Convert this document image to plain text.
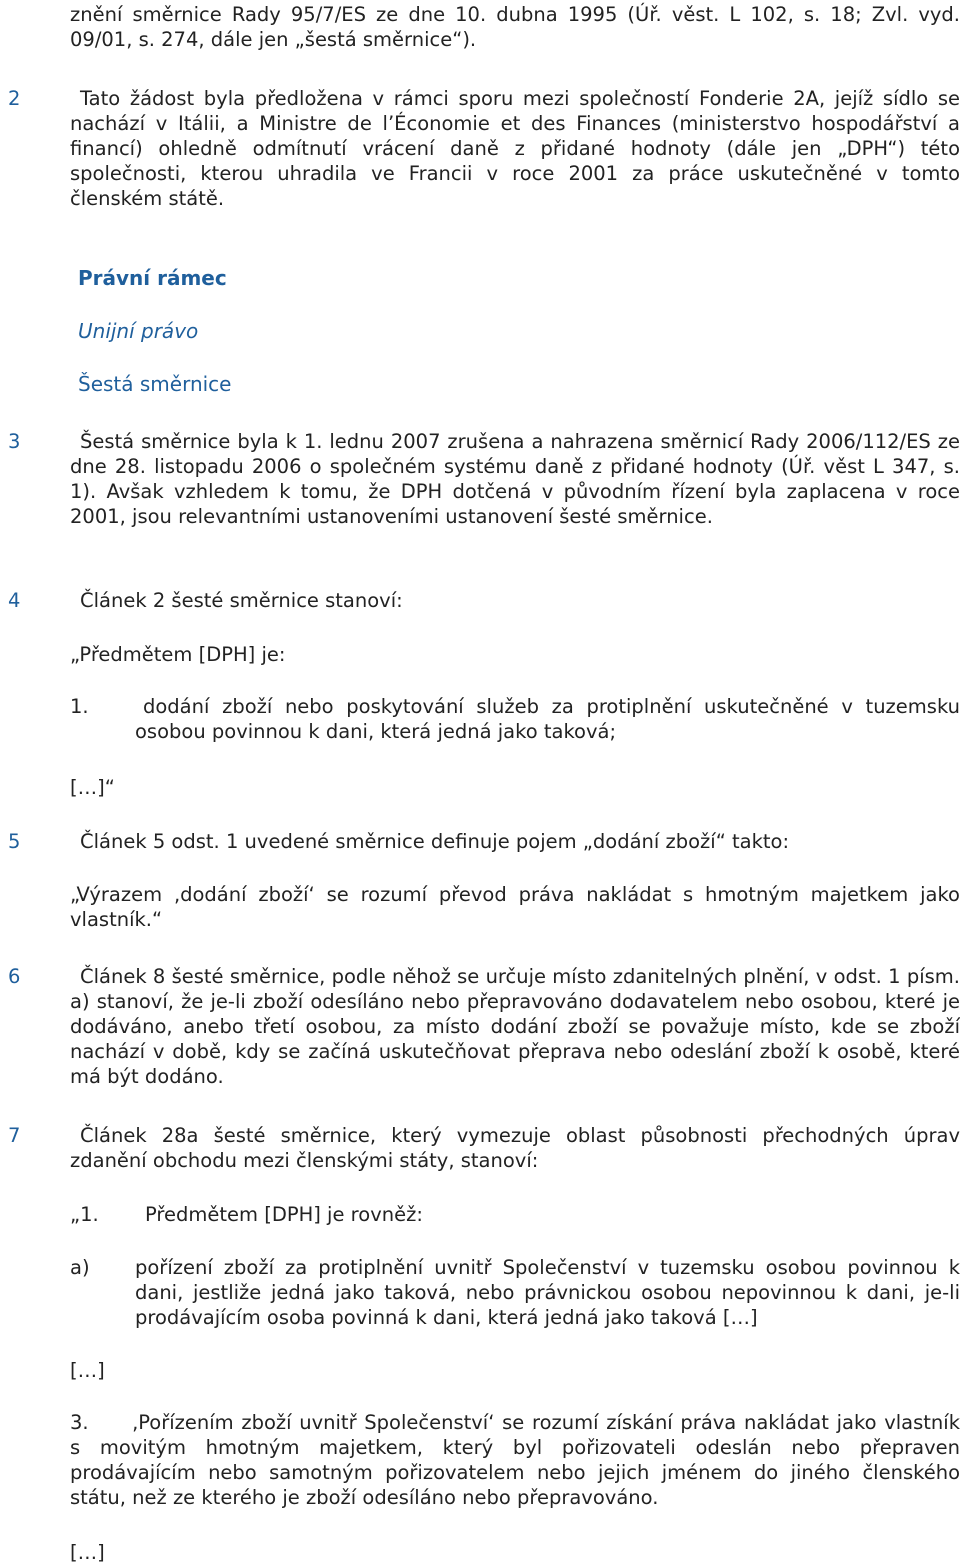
znění směrnice Rady 95/7/ES ze dne 10. dubna 1995 (Úř. věst. L 102, s. 18; Zvl. vyd. 09/01, s. 274, dále jen „šestá směrnice“).

2	Tato žádost byla předložena v rámci sporu mezi společností Fonderie 2A, jejíž sídlo se nachází v Itálii, a Ministre de l’Économie et des Finances (ministerstvo hospodářství a financí) ohledně odmítnutí vrácení daně z přidané hodnoty (dále jen „DPH“) této společnosti, kterou uhradila ve Francii v roce 2001 za práce uskutečněné v tomto členském státě.

Právní rámec

Unijní právo

Šestá směrnice

3	Šestá směrnice byla k 1. lednu 2007 zrušena a nahrazena směrnicí Rady 2006/112/ES ze dne 28. listopadu 2006 o společném systému daně z přidané hodnoty (Úř. věst L 347, s. 1). Avšak vzhledem k tomu, že DPH dotčená v původním řízení byla zaplacena v roce 2001, jsou relevantními ustanoveními ustanovení šesté směrnice.

4	Článek 2 šesté směrnice stanoví:

„Předmětem [DPH] je:

1.	dodání zboží nebo poskytování služeb za protiplnění uskutečněné v tuzemsku osobou povinnou k dani, která jedná jako taková;

[…]“

5	Článek 5 odst. 1 uvedené směrnice definuje pojem „dodání zboží“ takto:

„Výrazem ‚dodání zboží‘ se rozumí převod práva nakládat s hmotným majetkem jako vlastník.“

6	Článek 8 šesté směrnice, podle něhož se určuje místo zdanitelných plnění, v odst. 1 písm. a) stanoví, že je-li zboží odesíláno nebo přepravováno dodavatelem nebo osobou, které je dodáváno, anebo třetí osobou, za místo dodání zboží se považuje místo, kde se zboží nachází v době, kdy se začíná uskutečňovat přeprava nebo odeslání zboží k osobě, které má být dodáno.

7	Článek 28a šesté směrnice, který vymezuje oblast působnosti přechodných úprav zdanění obchodu mezi členskými státy, stanoví:

„1. Předmětem [DPH] je rovněž:

a) pořízení zboží za protiplnění uvnitř Společenství v tuzemsku osobou povinnou k dani, jestliže jedná jako taková, nebo právnickou osobou nepovinnou k dani, je-li prodávajícím osoba povinná k dani, která jedná jako taková […]

[…]

3.	‚Pořízením zboží uvnitř Společenství‘ se rozumí získání práva nakládat jako vlastník s movitým hmotným majetkem, který byl pořizovateli odeslán nebo přepraven prodávajícím nebo samotným pořizovatelem nebo jejich jménem do jiného členského státu, než ze kterého je zboží odesíláno nebo přepravováno.

[…]
